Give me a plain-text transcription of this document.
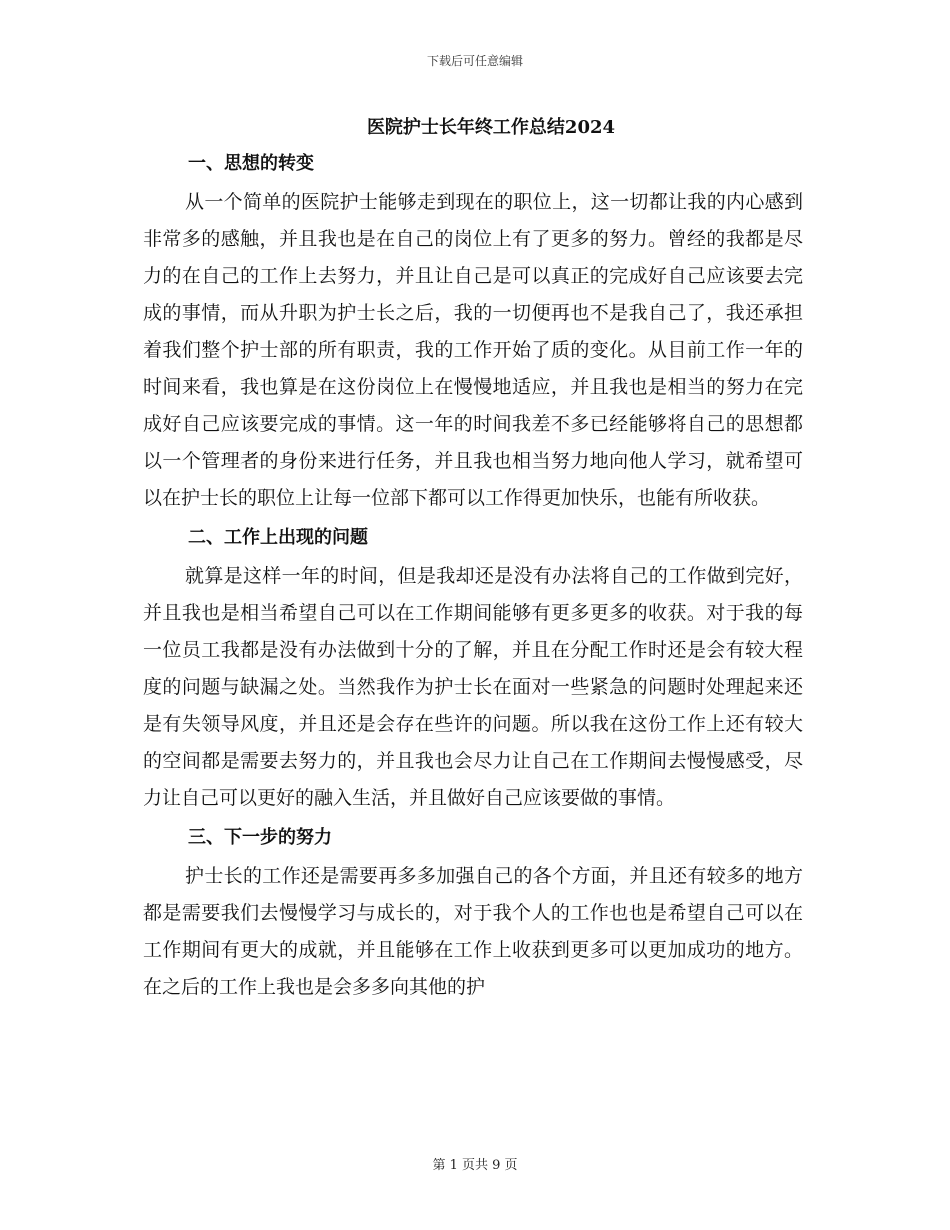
下载后可任意编辑
医院护士长年终工作总结2024
一、思想的转变

从一个简单的医院护士能够走到现在的职位上，这一切都让我的内心感到非常多的感触，并且我也是在自己的岗位上有了更多的努力。曾经的我都是尽力的在自己的工作上去努力，并且让自己是可以真正的完成好自己应该要去完成的事情，而从升职为护士长之后，我的一切便再也不是我自己了，我还承担着我们整个护士部的所有职责，我的工作开始了质的变化。从目前工作一年的时间来看，我也算是在这份岗位上在慢慢地适应，并且我也是相当的努力在完成好自己应该要完成的事情。这一年的时间我差不多已经能够将自己的思想都以一个管理者的身份来进行任务，并且我也相当努力地向他人学习，就希望可以在护士长的职位上让每一位部下都可以工作得更加快乐，也能有所收获。

二、工作上出现的问题

就算是这样一年的时间，但是我却还是没有办法将自己的工作做到完好，并且我也是相当希望自己可以在工作期间能够有更多更多的收获。对于我的每一位员工我都是没有办法做到十分的了解，并且在分配工作时还是会有较大程度的问题与缺漏之处。当然我作为护士长在面对一些紧急的问题时处理起来还是有失领导风度，并且还是会存在些许的问题。所以我在这份工作上还有较大的空间都是需要去努力的，并且我也会尽力让自己在工作期间去慢慢感受，尽力让自己可以更好的融入生活，并且做好自己应该要做的事情。

三、下一步的努力

护士长的工作还是需要再多多加强自己的各个方面，并且还有较多的地方都是需要我们去慢慢学习与成长的，对于我个人的工作也也是希望自己可以在工作期间有更大的成就，并且能够在工作上收获到更多可以更加成功的地方。在之后的工作上我也是会多多向其他的护

第 1 页共 9 页
